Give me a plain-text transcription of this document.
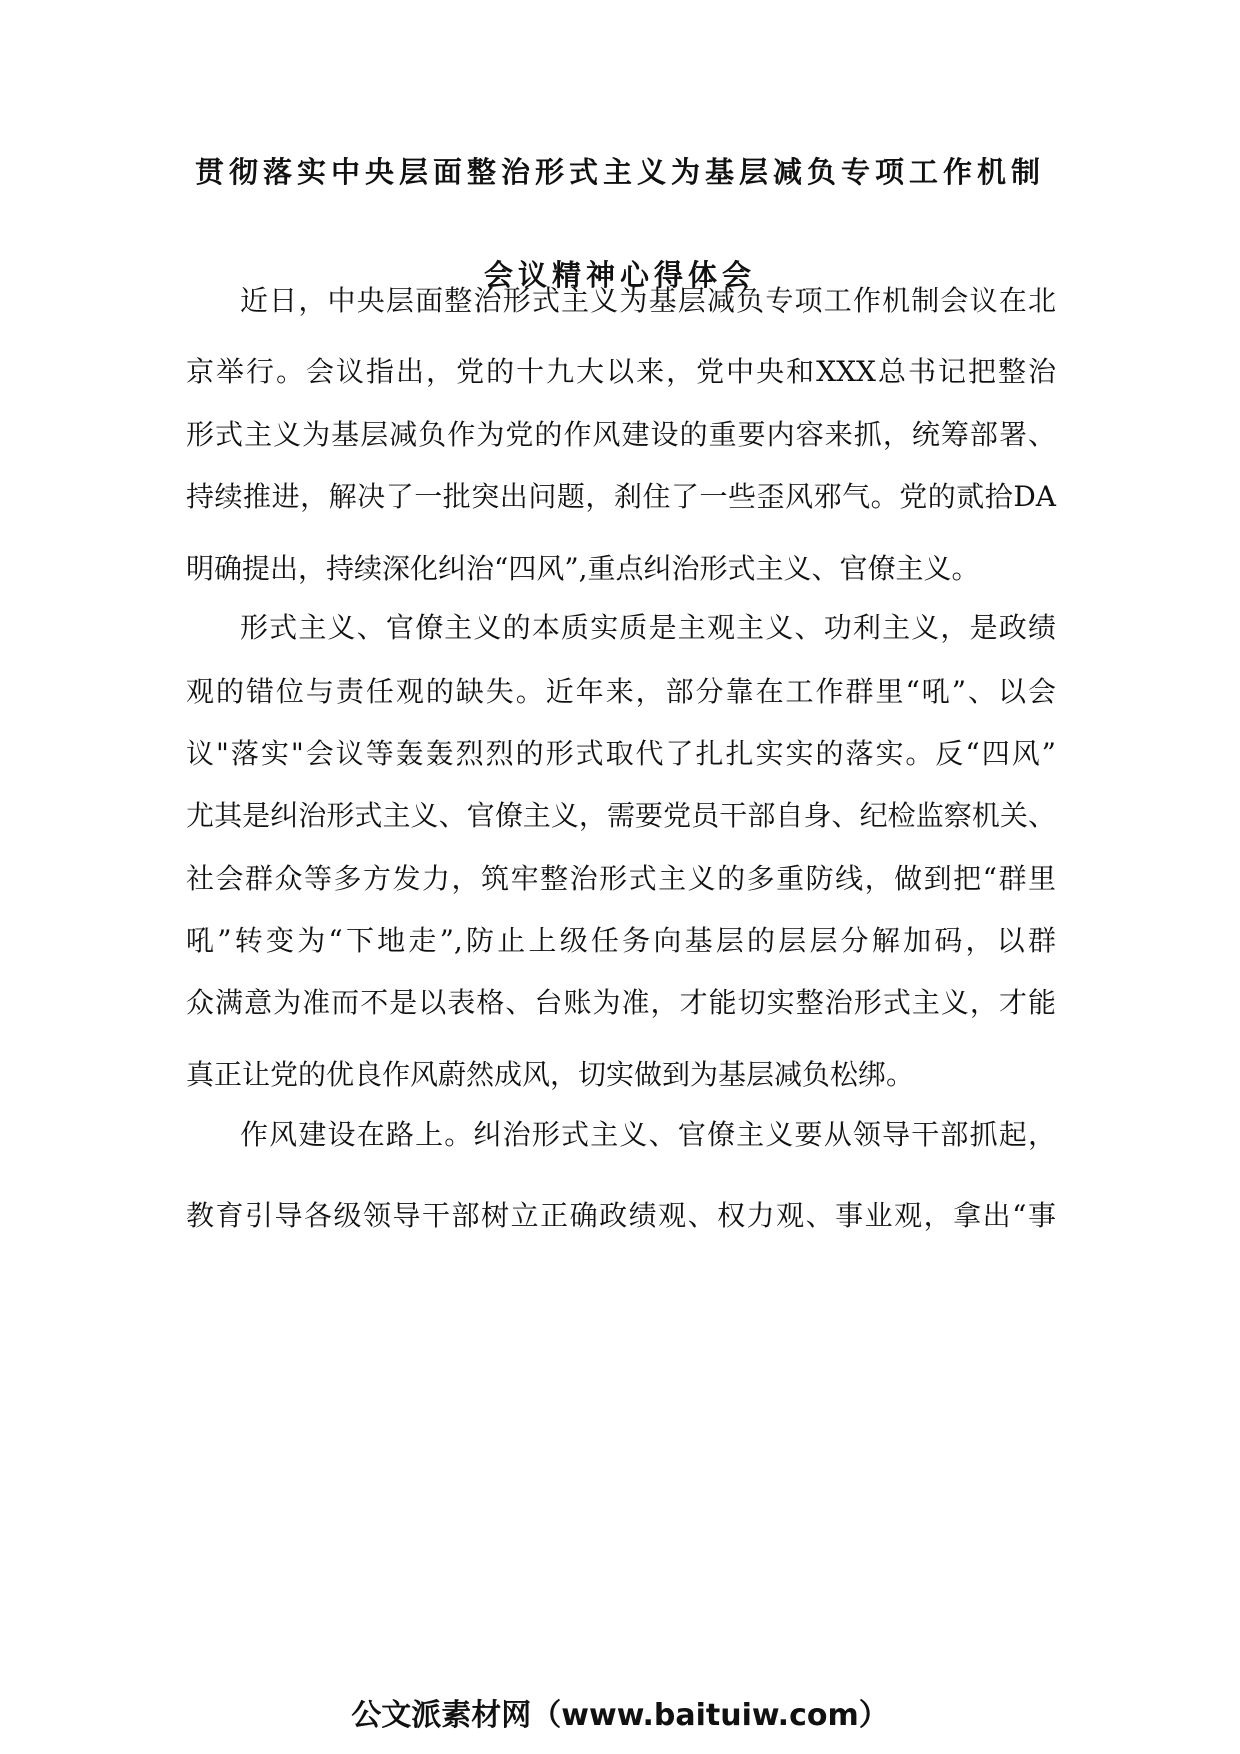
贯彻落实中央层面整治形式主义为基层减负专项工作机制
会议精神心得体会
近日，中央层面整治形式主义为基层减负专项工作机制会议在北
京举行。会议指出，党的十九大以来，党中央和XXX总书记把整治
形式主义为基层减负作为党的作风建设的重要内容来抓，统筹部署、
持续推进，解决了一批突出问题，刹住了一些歪风邪气。党的贰拾DA
明确提出，持续深化纠治“四风”,重点纠治形式主义、官僚主义。
形式主义、官僚主义的本质实质是主观主义、功利主义，是政绩
观的错位与责任观的缺失。近年来，部分靠在工作群里“吼”、以会
议"落实"会议等轰轰烈烈的形式取代了扎扎实实的落实。反“四风”
尤其是纠治形式主义、官僚主义，需要党员干部自身、纪检监察机关、
社会群众等多方发力，筑牢整治形式主义的多重防线，做到把“群里
吼”转变为“下地走”,防止上级任务向基层的层层分解加码，以群
众满意为准而不是以表格、台账为准，才能切实整治形式主义，才能
真正让党的优良作风蔚然成风，切实做到为基层减负松绑。
作风建设在路上。纠治形式主义、官僚主义要从领导干部抓起，
教育引导各级领导干部树立正确政绩观、权力观、事业观，拿出“事
公文派素材网（www.baituiw.com）
